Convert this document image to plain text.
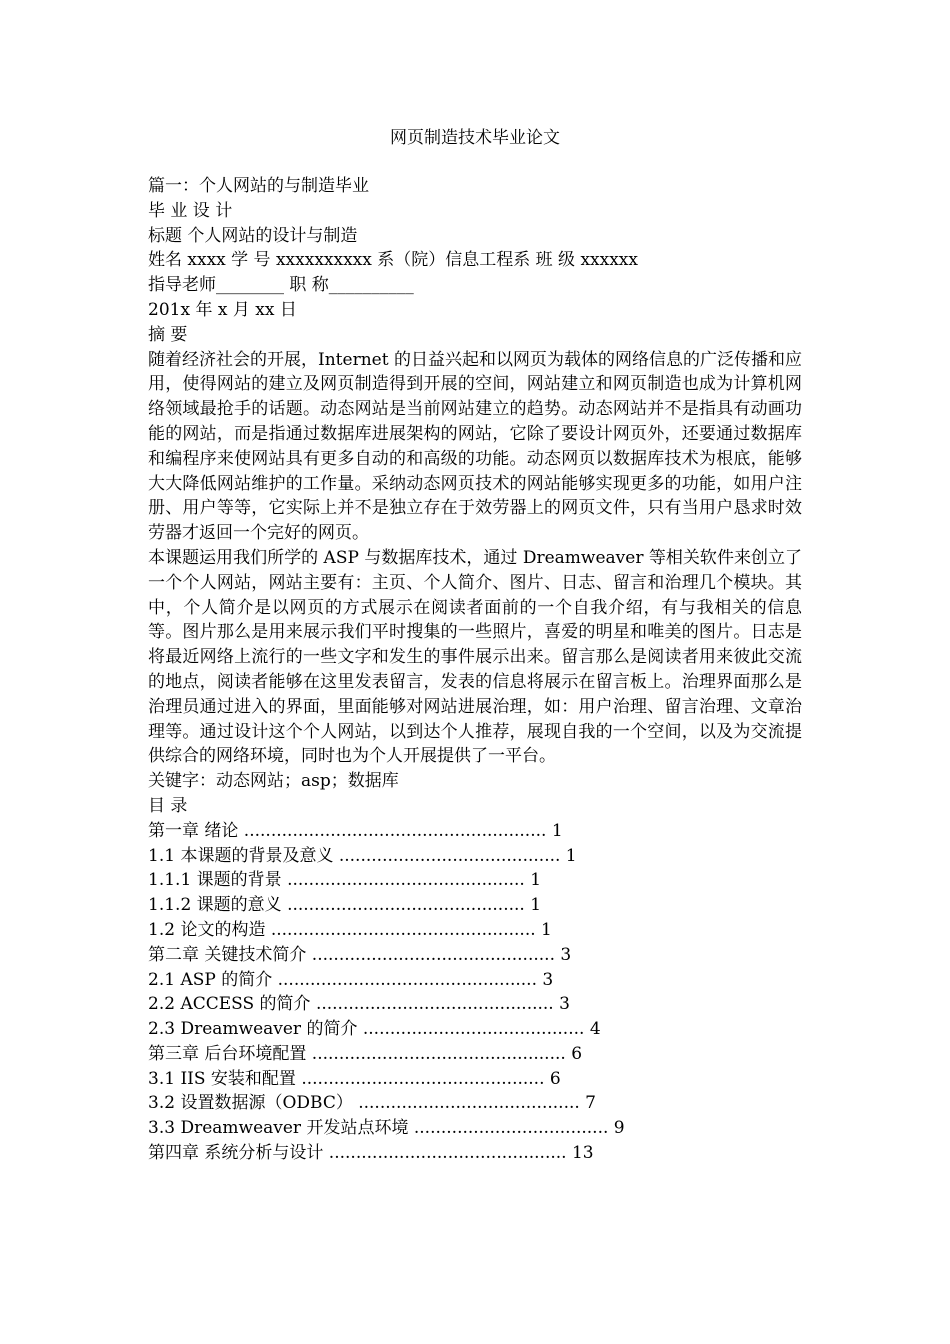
网页制造技术毕业论文

篇一：个人网站的与制造毕业

毕 业 设 计

标题 个人网站的设计与制造

姓名 xxxx 学 号 xxxxxxxxxx 系（院）信息工程系 班 级 xxxxxx

指导老师________ 职 称__________

201x 年 x 月 xx 日

摘 要

随着经济社会的开展，Internet 的日益兴起和以网页为载体的网络信息的广泛传播和应用，使得网站的建立及网页制造得到开展的空间，网站建立和网页制造也成为计算机网络领域最抢手的话题。动态网站是当前网站建立的趋势。动态网站并不是指具有动画功能的网站，而是指通过数据库进展架构的网站，它除了要设计网页外，还要通过数据库和编程序来使网站具有更多自动的和高级的功能。动态网页以数据库技术为根底，能够大大降低网站维护的工作量。采纳动态网页技术的网站能够实现更多的功能，如用户注册、用户等等，它实际上并不是独立存在于效劳器上的网页文件，只有当用户恳求时效劳器才返回一个完好的网页。

本课题运用我们所学的 ASP 与数据库技术，通过 Dreamweaver 等相关软件来创立了一个个人网站，网站主要有：主页、个人简介、图片、日志、留言和治理几个模块。其中，个人简介是以网页的方式展示在阅读者面前的一个自我介绍，有与我相关的信息等。图片那么是用来展示我们平时搜集的一些照片，喜爱的明星和唯美的图片。日志是将最近网络上流行的一些文字和发生的事件展示出来。留言那么是阅读者用来彼此交流的地点，阅读者能够在这里发表留言，发表的信息将展示在留言板上。治理界面那么是治理员通过进入的界面，里面能够对网站进展治理，如：用户治理、留言治理、文章治理等。通过设计这个个人网站，以到达个人推荐，展现自我的一个空间，以及为交流提供综合的网络环境，同时也为个人开展提供了一平台。

关键字：动态网站；asp；数据库

目 录

第一章 绪论 ........................................................ 1

1.1 本课题的背景及意义 ......................................... 1

1.1.1 课题的背景 ............................................ 1

1.1.2 课题的意义 ............................................ 1

1.2 论文的构造 ................................................. 1

第二章 关键技术简介 ............................................. 3

2.1 ASP 的简介 ................................................ 3

2.2 ACCESS 的简介 ............................................ 3

2.3 Dreamweaver 的简介 ......................................... 4

第三章 后台环境配置 ............................................... 6

3.1 IIS 安装和配置 ............................................. 6

3.2 设置数据源（ODBC） ......................................... 7

3.3 Dreamweaver 开发站点环境 .................................... 9

第四章 系统分析与设计 ............................................ 13
